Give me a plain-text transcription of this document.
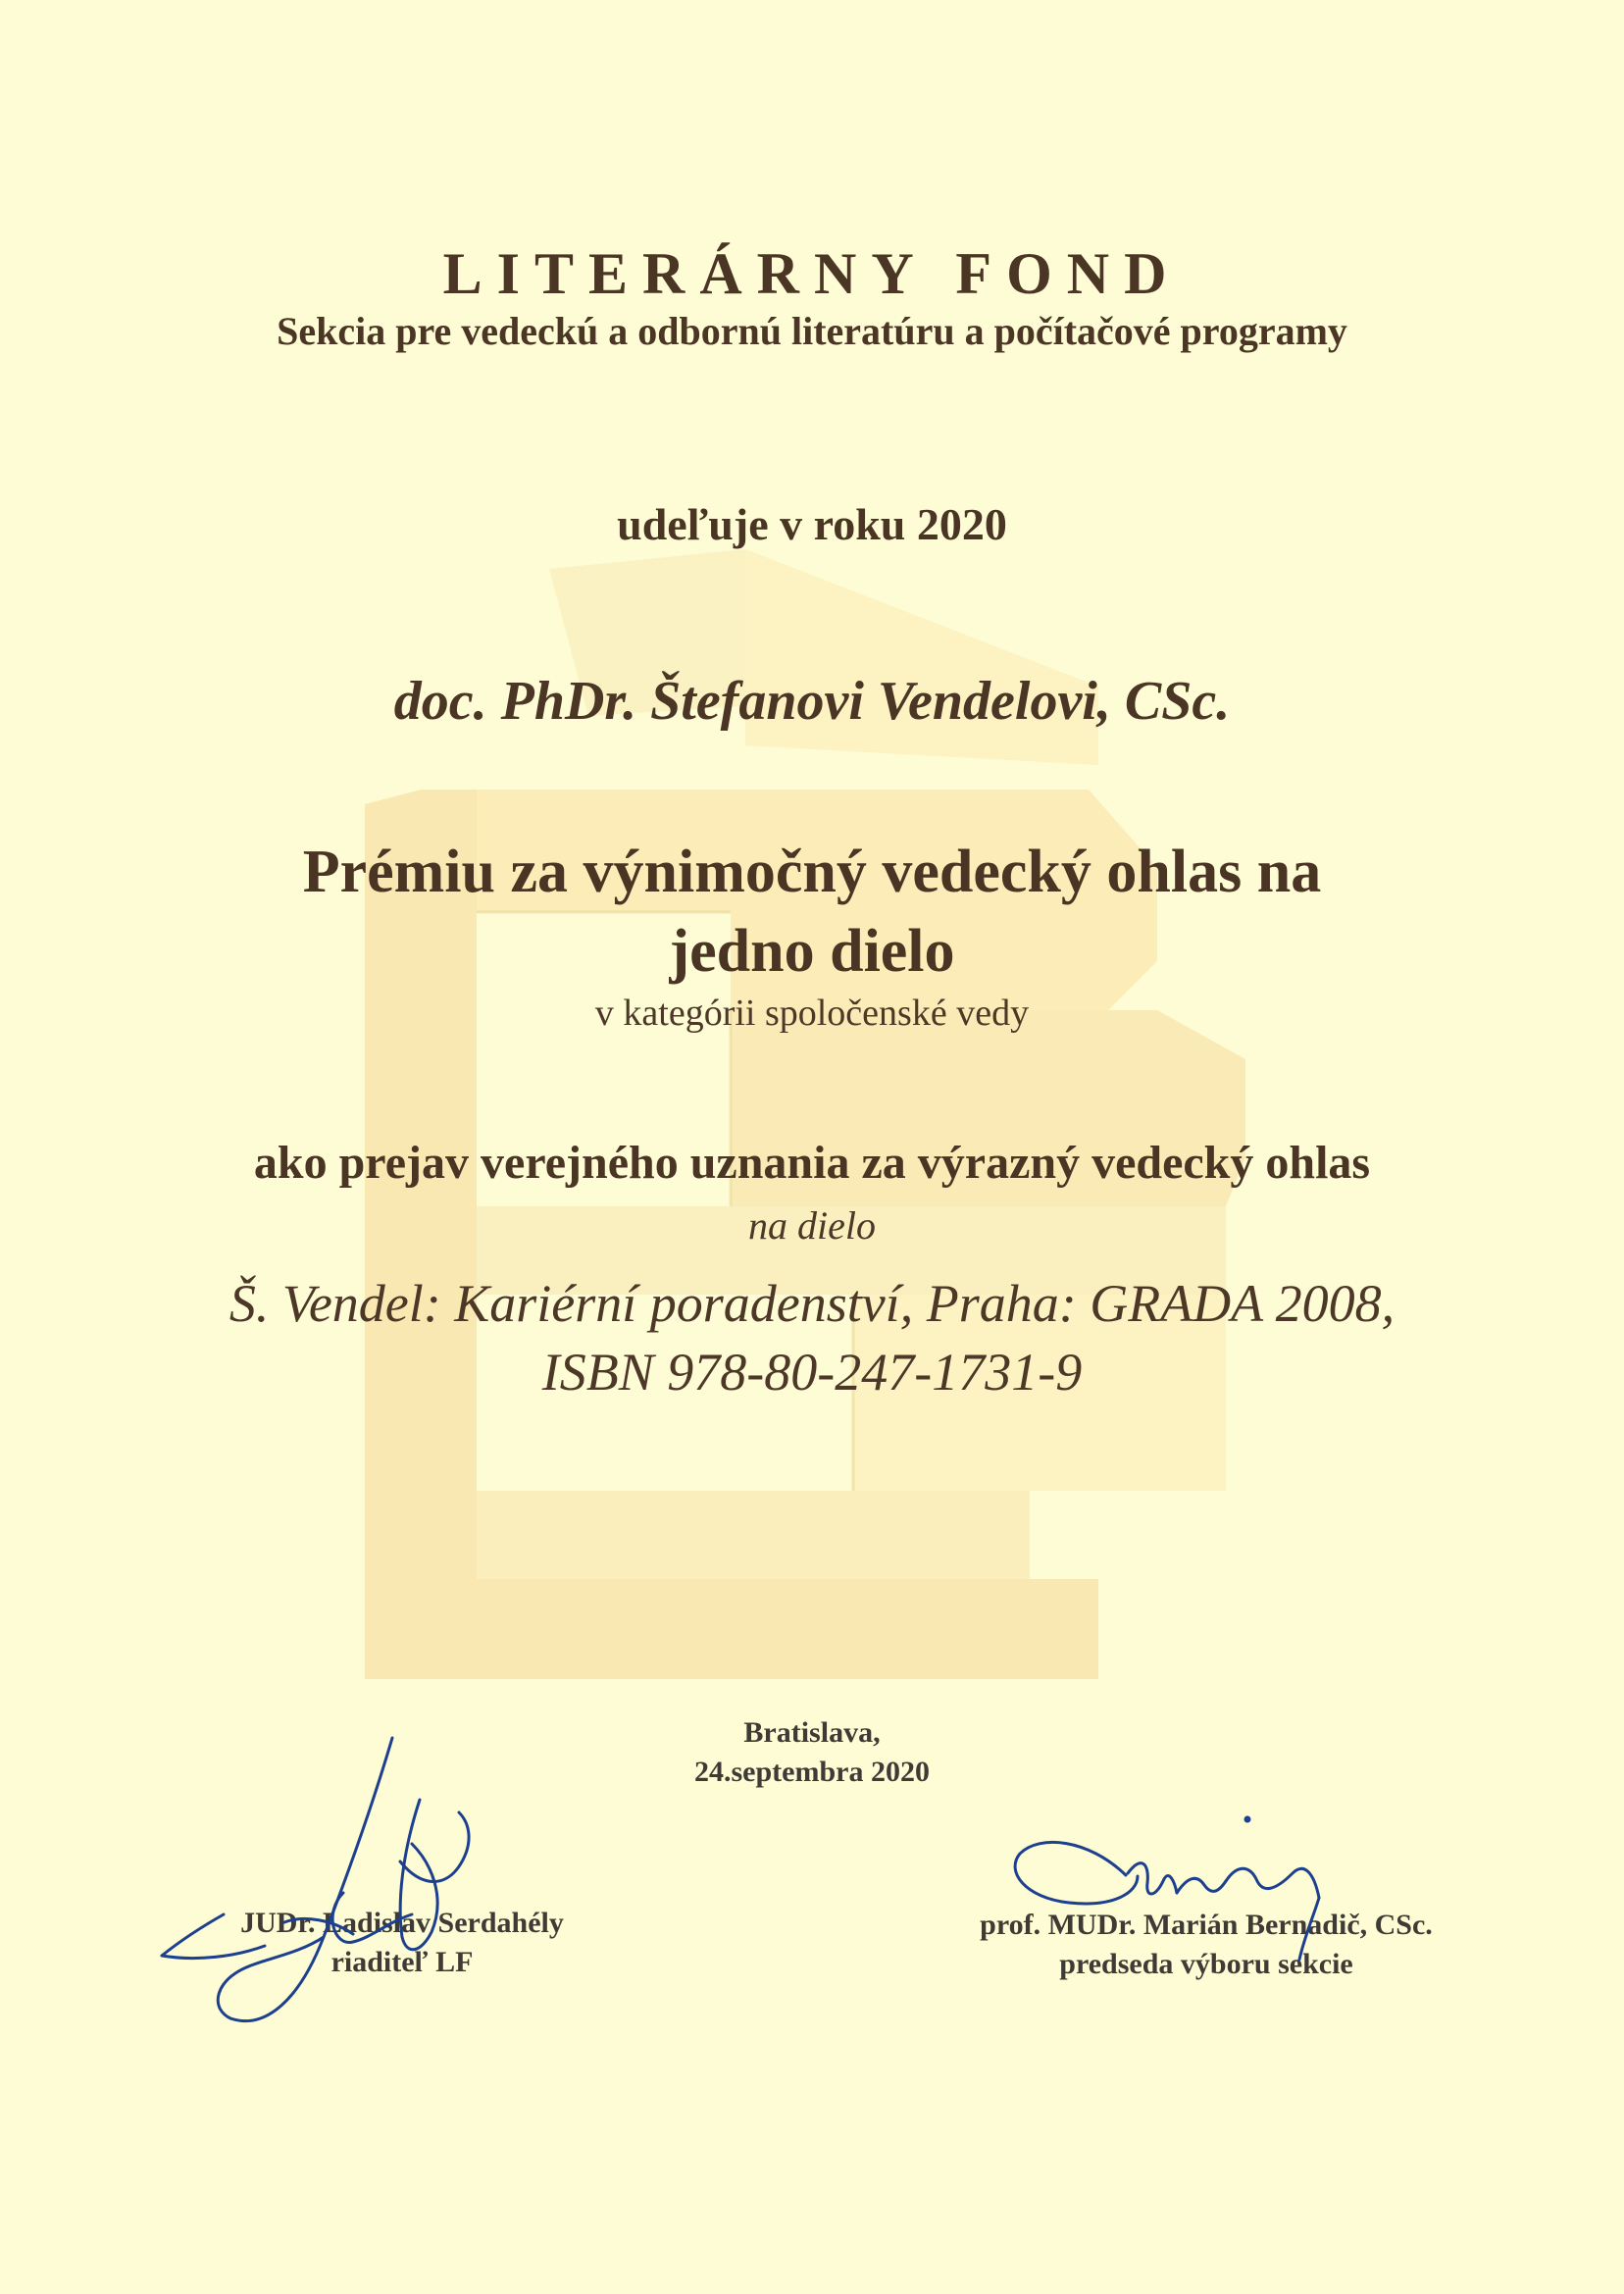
LITERÁRNY FOND
Sekcia pre vedeckú a odbornú literatúru a počítačové programy
udeľuje v roku 2020
doc. PhDr. Štefanovi Vendelovi, CSc.
Prémiu za výnimočný vedecký ohlas na
jedno dielo
v kategórii spoločenské vedy
ako prejav verejného uznania za výrazný vedecký ohlas
na dielo
Š. Vendel: Kariérní poradenství, Praha: GRADA 2008,
ISBN 978-80-247-1731-9
Bratislava,
24.septembra 2020
JUDr. Ladislav Serdahély
riaditeľ LF
prof. MUDr. Marián Bernadič, CSc.
predseda výboru sekcie
